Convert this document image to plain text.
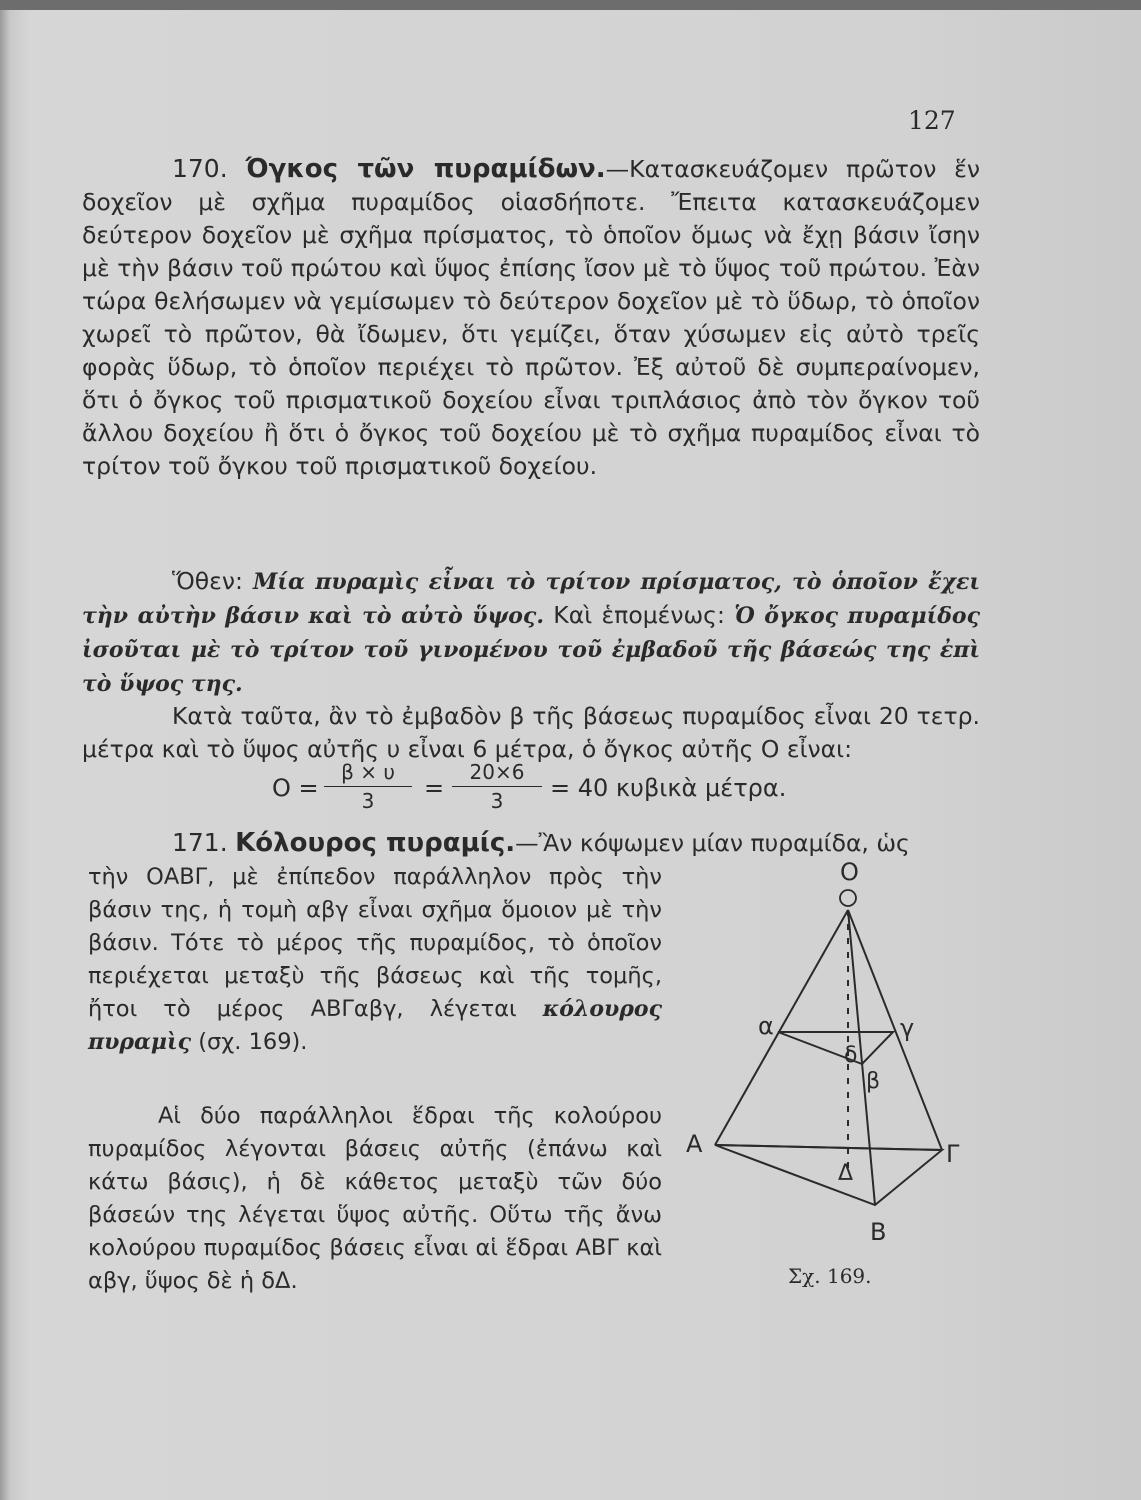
127

170. Όγκος τῶν πυραμίδων.—Κατασκευάζομεν πρῶτον ἕν δοχεῖον μὲ σχῆμα πυραμίδος οἱασδήποτε. Ἔπειτα κατασκευάζομεν δεύτερον δοχεῖον μὲ σχῆμα πρίσματος, τὸ ὁποῖον ὅμως νὰ ἔχῃ βάσιν ἴσην μὲ τὴν βάσιν τοῦ πρώτου καὶ ὕψος ἐπίσης ἴσον μὲ τὸ ὕψος τοῦ πρώτου. Ἐὰν τώρα θελήσωμεν νὰ γεμίσωμεν τὸ δεύτερον δοχεῖον μὲ τὸ ὕδωρ, τὸ ὁποῖον χωρεῖ τὸ πρῶτον, θὰ ἴδωμεν, ὅτι γεμίζει, ὅταν χύσωμεν εἰς αὐτὸ τρεῖς φορὰς ὕδωρ, τὸ ὁποῖον περιέχει τὸ πρῶτον. Ἐξ αὐτοῦ δὲ συμπεραίνομεν, ὅτι ὁ ὄγκος τοῦ πρισματικοῦ δοχείου εἶναι τριπλάσιος ἀπὸ τὸν ὄγκον τοῦ ἄλλου δοχείου ἢ ὅτι ὁ ὄγκος τοῦ δοχείου μὲ τὸ σχῆμα πυραμίδος εἶναι τὸ τρίτον τοῦ ὄγκου τοῦ πρισματικοῦ δοχείου.

Ὅθεν: Μία πυραμὶς εἶναι τὸ τρίτον πρίσματος, τὸ ὁποῖον ἔχει τὴν αὐτὴν βάσιν καὶ τὸ αὐτὸ ὕψος. Καὶ ἑπομένως: Ὁ ὄγκος πυραμίδος ἰσοῦται μὲ τὸ τρίτον τοῦ γινομένου τοῦ ἐμβαδοῦ τῆς βάσεώς της ἐπὶ τὸ ὕψος της.

Κατὰ ταῦτα, ἂν τὸ ἐμβαδὸν β τῆς βάσεως πυραμίδος εἶναι 20 τετρ. μέτρα καὶ τὸ ὕψος αὐτῆς υ εἶναι 6 μέτρα, ὁ ὄγκος αὐτῆς Ο εἶναι:

$O = \frac{\beta \times \upsilon}{3} = \frac{20\times 6}{3} = 40$ κυβικὰ μέτρα.

171. Κόλουρος πυραμίς.—Ἂν κόψωμεν μίαν πυραμίδα, ὡς

τὴν ΟΑΒΓ, μὲ ἐπίπεδον παράλληλον πρὸς τὴν βάσιν της, ἡ τομὴ αβγ εἶναι σχῆμα ὅμοιον μὲ τὴν βάσιν. Τότε τὸ μέρος τῆς πυραμίδος, τὸ ὁποῖον περιέχεται μεταξὺ τῆς βάσεως καὶ τῆς τομῆς, ἤτοι τὸ μέρος ΑΒΓαβγ, λέγεται κόλουρος πυραμὶς (σχ. 169).

Αἱ δύο παράλληλοι ἕδραι τῆς κολούρου πυραμίδος λέγονται βάσεις αὐτῆς (ἐπάνω καὶ κάτω βάσις), ἡ δὲ κάθετος μεταξὺ τῶν δύο βάσεών της λέγεται ὕψος αὐτῆς. Οὕτω τῆς ἄνω κολούρου πυραμίδος βάσεις εἶναι αἱ ἕδραι ΑΒΓ καὶ αβγ, ὕψος δὲ ἡ δΔ.

Ο
α	γ
δ
β
Α	Γ
Δ
Β
Σχ. 169.
